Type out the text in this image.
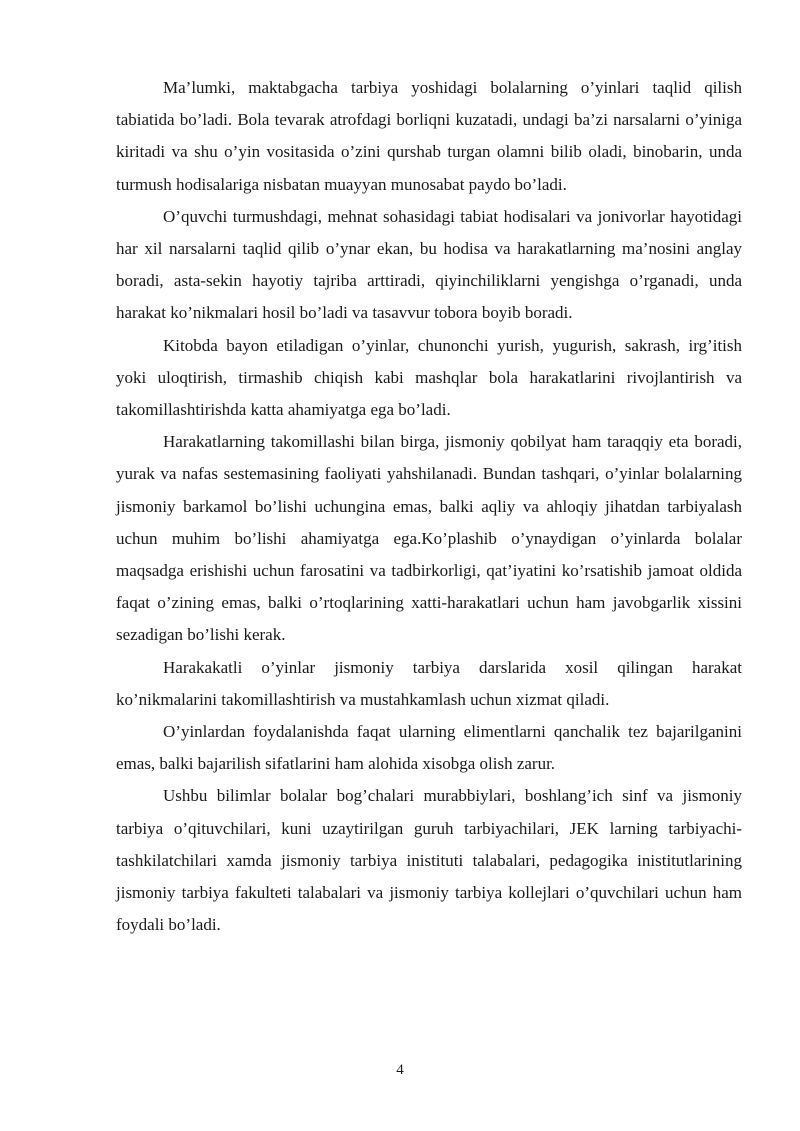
Ma’lumki, maktabgacha tarbiya yoshidagi bolalarning o’yinlari taqlid qilish tabiatida bo’ladi. Bola tevarak atrofdagi borliqni kuzatadi, undagi ba’zi narsalarni o’yiniga kiritadi va shu o’yin vositasida o’zini qurshab turgan olamni bilib oladi, binobarin, unda turmush hodisalariga nisbatan muayyan munosabat paydo bo’ladi.

O’quvchi turmushdagi, mehnat sohasidagi tabiat hodisalari va jonivorlar hayotidagi har xil narsalarni taqlid qilib o’ynar ekan, bu hodisa va harakatlarning ma’nosini anglay boradi, asta-sekin hayotiy tajriba arttiradi, qiyinchiliklarni yengishga o’rganadi, unda harakat ko’nikmalari hosil bo’ladi va tasavvur tobora boyib boradi.

Kitobda bayon etiladigan o’yinlar, chunonchi yurish, yugurish, sakrash, irg’itish yoki uloqtirish, tirmashib chiqish kabi mashqlar bola harakatlarini rivojlantirish va takomillashtirishda katta ahamiyatga ega bo’ladi.

Harakatlarning takomillashi bilan birga, jismoniy qobilyat ham taraqqiy eta boradi, yurak va nafas sestemasining faoliyati yahshilanadi. Bundan tashqari, o’yinlar bolalarning jismoniy barkamol bo’lishi uchungina emas, balki aqliy va ahloqiy jihatdan tarbiyalash uchun muhim bo’lishi ahamiyatga ega.Ko’plashib o’ynaydigan o’yinlarda bolalar maqsadga erishishi uchun farosatini va tadbirkorligi, qat’iyatini ko’rsatishib jamoat oldida faqat o’zining emas, balki o’rtoqlarining xatti-harakatlari uchun ham javobgarlik xissini sezadigan bo’lishi kerak.

Harakakatli o’yinlar jismoniy tarbiya darslarida xosil qilingan harakat ko’nikmalarini takomillashtirish va mustahkamlash uchun xizmat qiladi.

O’yinlardan foydalanishda faqat ularning elimentlarni qanchalik tez bajarilganini emas, balki bajarilish sifatlarini ham alohida xisobga olish zarur.

Ushbu bilimlar bolalar bog’chalari murabbiylari, boshlang’ich sinf va jismoniy tarbiya o’qituvchilari, kuni uzaytirilgan guruh tarbiyachilari, JEK larning tarbiyachi- tashkilatchilari xamda jismoniy tarbiya inistituti talabalari, pedagogika inistitutlarining jismoniy tarbiya fakulteti talabalari va jismoniy tarbiya kollejlari o’quvchilari uchun ham foydali bo’ladi.

4
